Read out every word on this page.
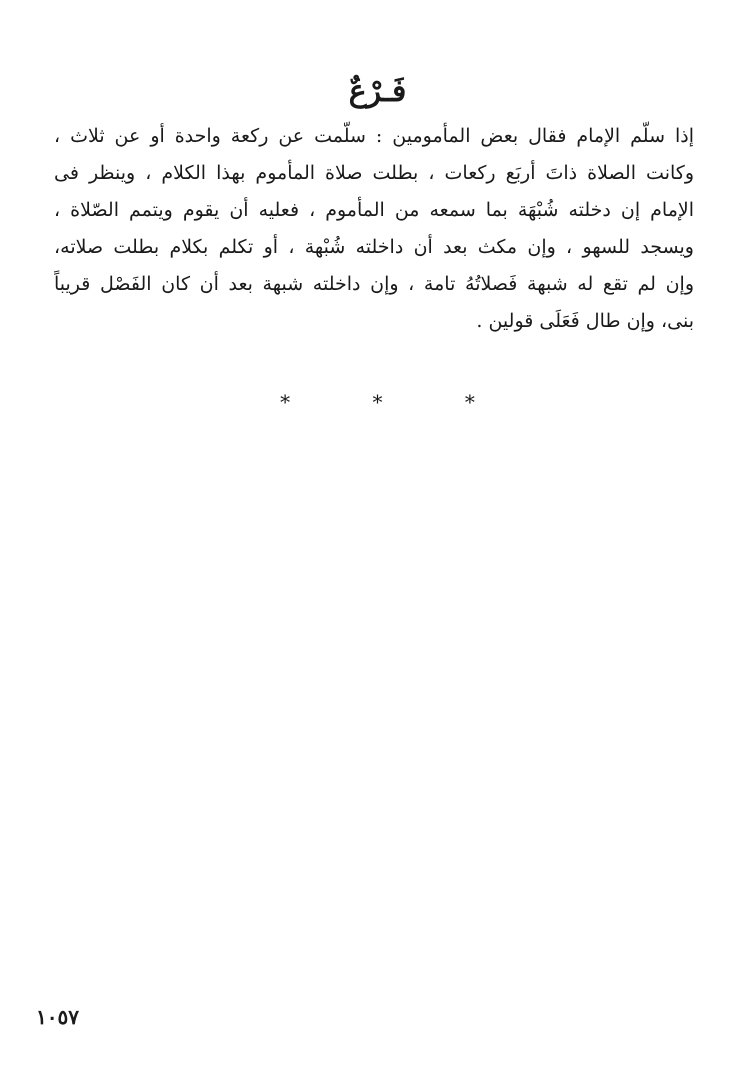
فَـرْعٌ
إذا سلّم الإمام فقال بعض المأمومين : سلّمت عن ركعة واحدة أو عن ثلاث ،
وكانت الصلاة ذاتَ أربَع ركعات ، بطلت صلاة المأموم بهذا الكلام ، وينظر فى
الإمام إن دخلته شُبْهَة بما سمعه من المأموم ، فعليه أن يقوم ويتمم الصّلاة ،
ويسجد للسهو ، وإن مكث بعد أن داخلته شُبْهة ، أو تكلم بكلام بطلت صلاته،
وإن لم تقع له شبهة فَصلاتُهُ تامة ، وإن داخلته شبهة بعد أن كان الفَصْل قريباً
بنى، وإن طال فَعَلَى قولين .
* * *
١٠٥٧
